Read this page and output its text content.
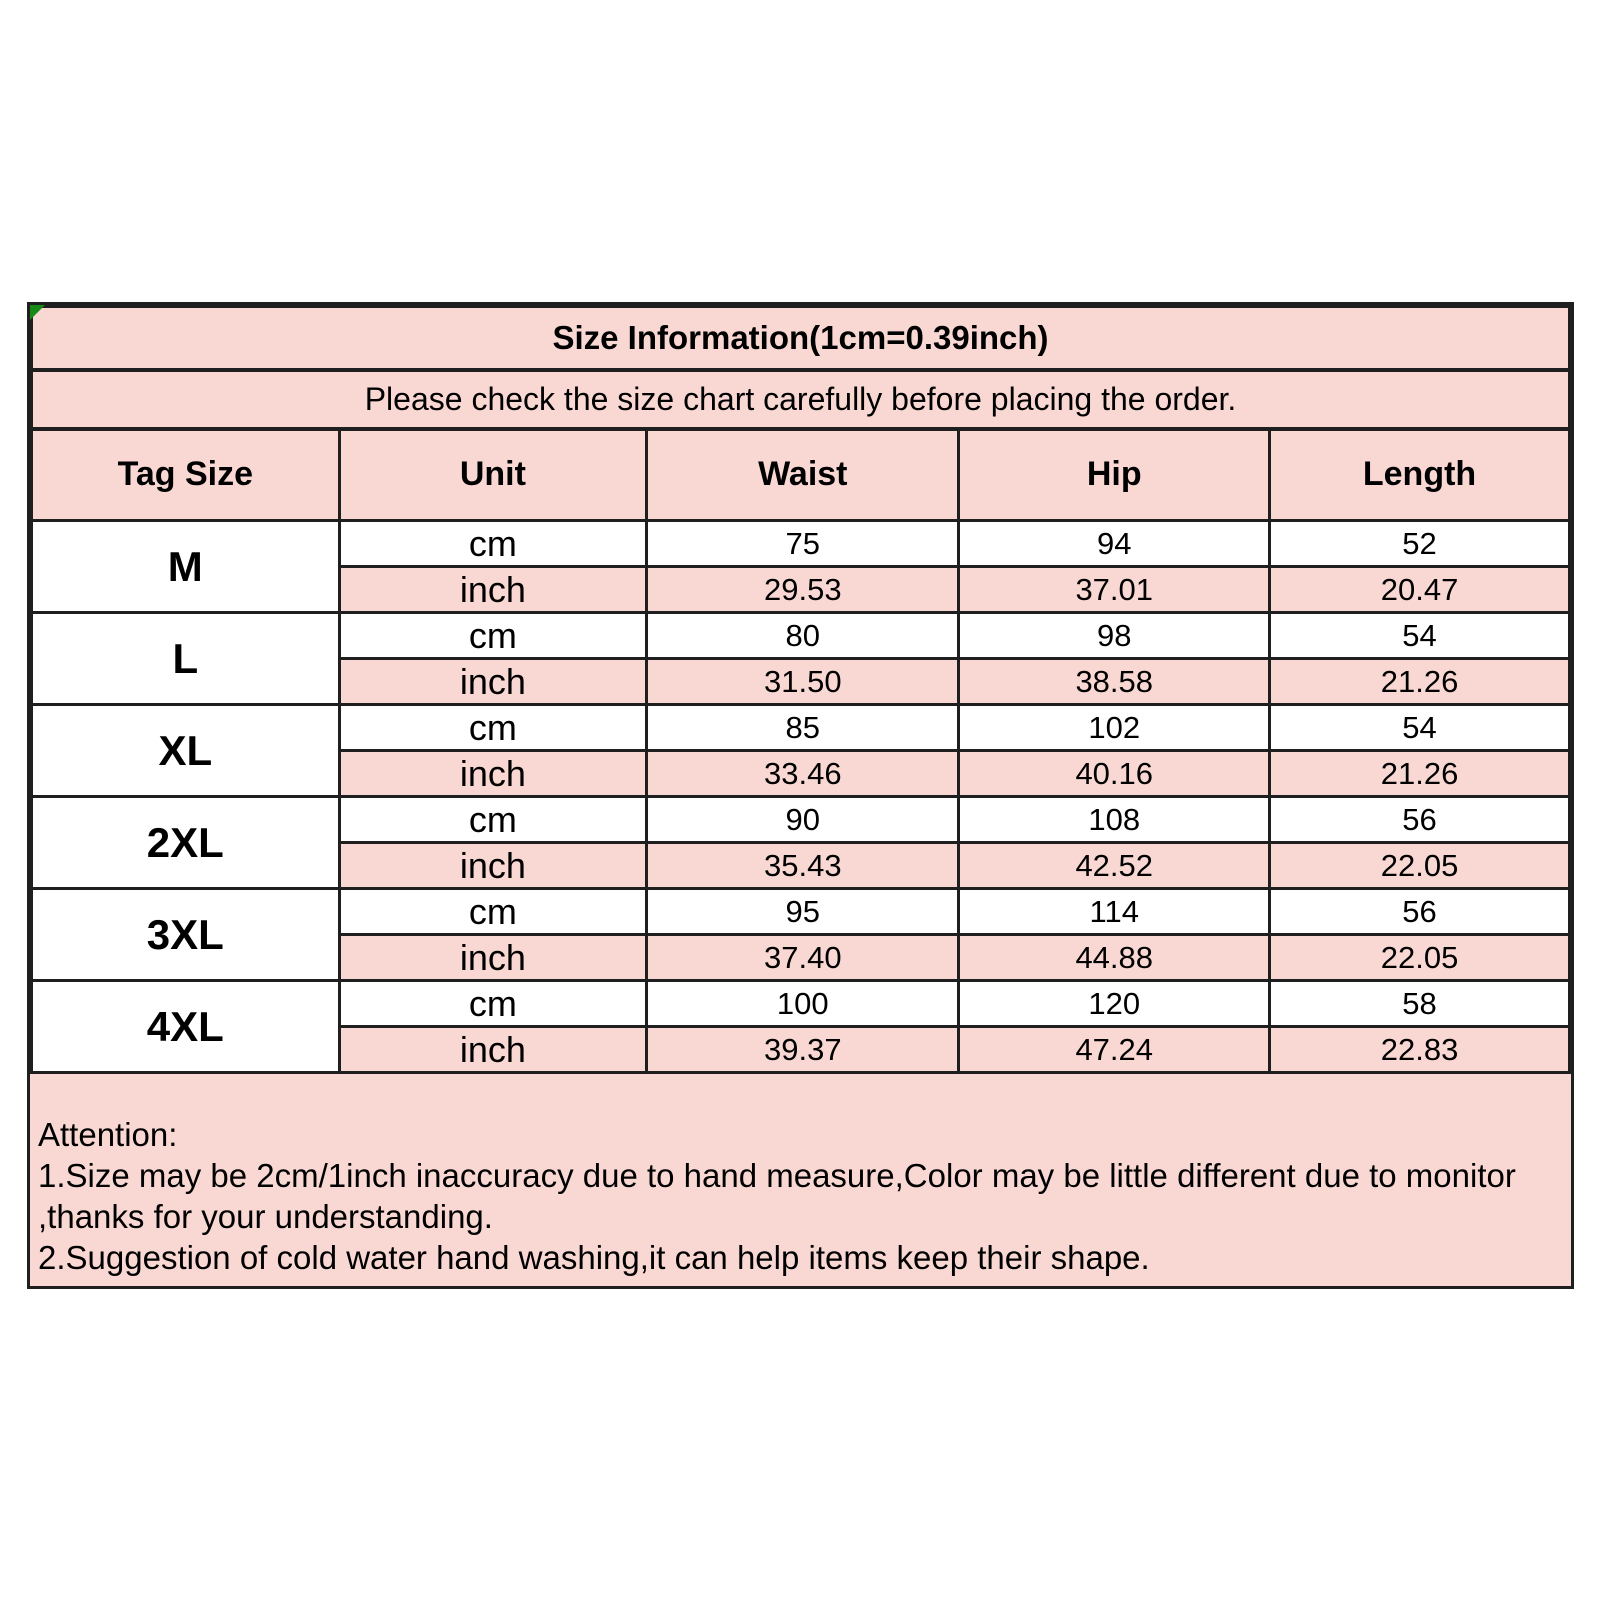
Size Information(1cm=0.39inch)				
Please check the size chart carefully before placing the order.				
Tag Size	Unit	Waist	Hip	Length
M	cm	75	94	52
	inch	29.53	37.01	20.47
L	cm	80	98	54
	inch	31.50	38.58	21.26
XL	cm	85	102	54
	inch	33.46	40.16	21.26
2XL	cm	90	108	56
	inch	35.43	42.52	22.05
3XL	cm	95	114	56
	inch	37.40	44.88	22.05
4XL	cm	100	120	58
	inch	39.37	47.24	22.83
Attention:
1.Size may be 2cm/1inch inaccuracy due to hand measure,Color may be little different due to monitor
,thanks for your understanding.
2.Suggestion of cold water hand washing,it can help items keep their shape.
